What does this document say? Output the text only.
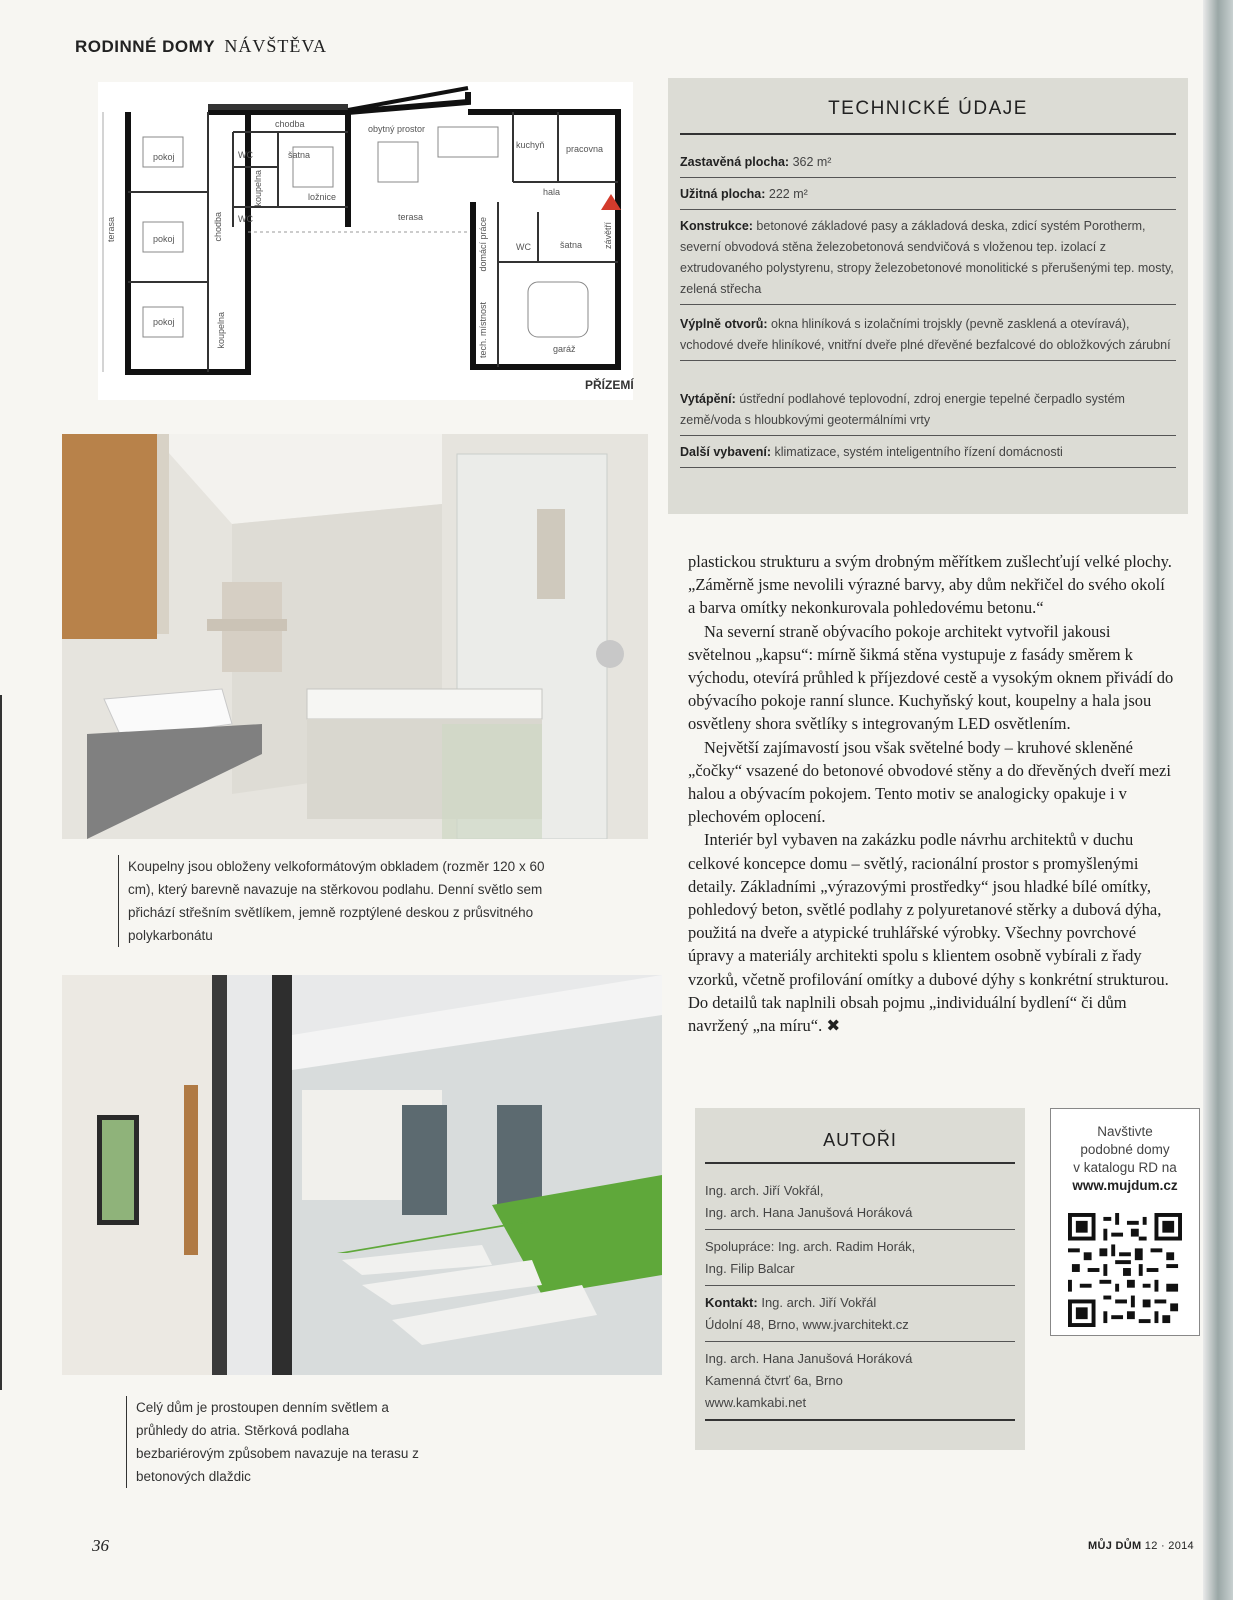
RODINNÉ DOMY NÁVŠTĚVA
terasa
pokoj
pokoj
pokoj
chodba
chodba
WC	šatna
koupelna	ložnice
WC
koupelna
obytný prostor
terasa
kuchyň pracovna
hala
domácí práce	WC	šatna závětří
tech. místnost	garáž
PŘÍZEMÍ
TECHNICKÉ ÚDAJE
Zastavěná plocha: 362 m²
Užitná plocha: 222 m²
Konstrukce: betonové základové pasy a základová deska, zdicí systém Porotherm, severní obvodová stěna železobetonová sendvičová s vloženou tep. izolací z extrudovaného polystyrenu, stropy železobetonové monolitické s přerušenými tep. mosty, zelená střecha
Výplně otvorů: okna hliníková s izolačními trojskly (pevně zasklená a otevíravá), vchodové dveře hliníkové, vnitřní dveře plné dřevěné bezfalcové do obložkových zárubní
Vytápění: ústřední podlahové teplovodní, zdroj energie tepelné čerpadlo systém země/voda s hloubkovými geotermálními vrty
Další vybavení: klimatizace, systém inteligentního řízení domácnosti
Koupelny jsou obloženy velkoformátovým obkladem (rozměr 120 x 60 cm), který barevně navazuje na stěrkovou podlahu. Denní světlo sem přichází střešním světlíkem, jemně rozptýlené deskou z průsvitného polykarbonátu
Celý dům je prostoupen denním světlem a průhledy do atria. Stěrková podlaha bezbariérovým způsobem navazuje na terasu z betonových dlaždic

plastickou strukturu a svým drobným měřítkem zušlechťují velké plochy. „Záměrně jsme nevolili výrazné barvy, aby dům nekřičel do svého okolí a barva omítky nekonkurovala pohledovému betonu.“

Na severní straně obývacího pokoje architekt vytvořil jakousi světelnou „kapsu“: mírně šikmá stěna vystupuje z fasády směrem k východu, otevírá průhled k příjezdové cestě a vysokým oknem přivádí do obývacího pokoje ranní slunce. Kuchyňský kout, koupelny a hala jsou osvětleny shora světlíky s integrovaným LED osvětlením.

Největší zajímavostí jsou však světelné body – kruhové skleněné „čočky“ vsazené do betonové obvodové stěny a do dřevěných dveří mezi halou a obývacím pokojem. Tento motiv se analogicky opakuje i v plechovém oplocení.

Interiér byl vybaven na zakázku podle návrhu architektů v duchu celkové koncepce domu – světlý, racionální prostor s promyšlenými detaily. Základními „výrazovými prostředky“ jsou hladké bílé omítky, pohledový beton, světlé podlahy z polyuretanové stěrky a dubová dýha, použitá na dveře a atypické truhlářské výrobky. Všechny povrchové úpravy a materiály architekti spolu s klientem osobně vybírali z řady vzorků, včetně profilování omítky a dubové dýhy s konkrétní strukturou. Do detailů tak naplnili obsah pojmu „individuální bydlení“ či dům navržený „na míru“. ✖

AUTOŘI
Ing. arch. Jiří Vokřál,
Ing. arch. Hana Janušová Horáková
Spolupráce: Ing. arch. Radim Horák,
Ing. Filip Balcar
Kontakt: Ing. arch. Jiří Vokřál
Údolní 48, Brno, www.jvarchitekt.cz
Ing. arch. Hana Janušová Horáková
Kamenná čtvrť 6a, Brno
www.kamkabi.net
Navštivte
podobné domy
v katalogu RD na
www.mujdum.cz
36	MŮJ DŮM 12 · 2014
